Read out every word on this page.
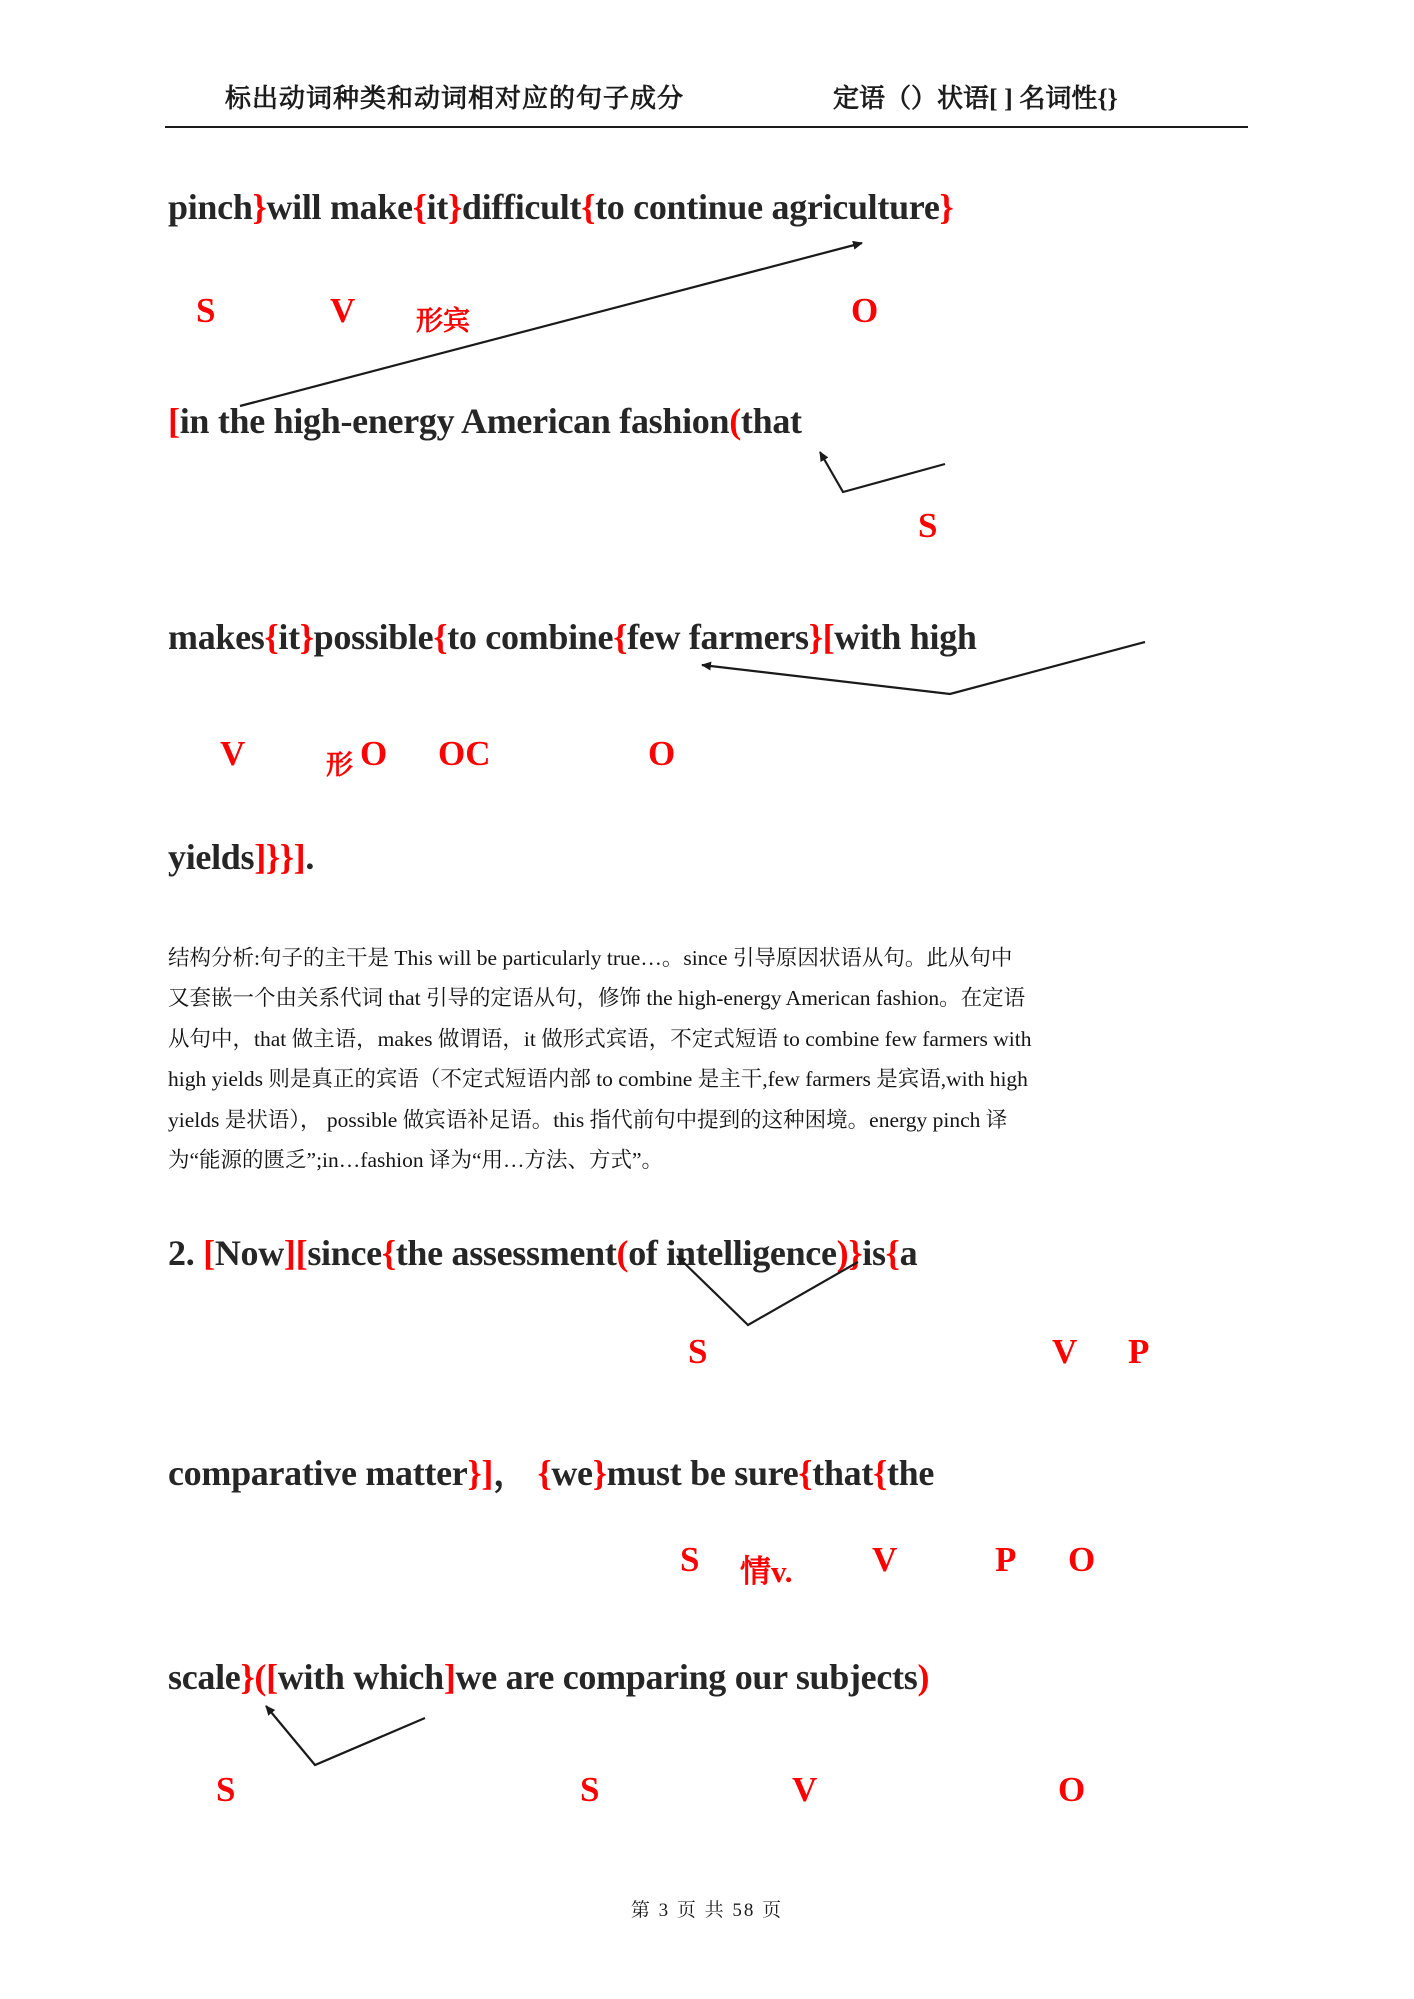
标出动词种类和动词相对应的句子成分	定语（）状语[ ] 名词性{}
pinch}will make{it}difficult{to continue agriculture}
S	V 形宾	O
[in the high-energy American fashion(that
S
makes{it}possible{to combine{few farmers}[with high
V	形 O OC	O
yields]}}].
结构分析:句子的主干是 This will be particularly true…。since 引导原因状语从句。此从句中
又套嵌一个由关系代词 that 引导的定语从句，修饰 the high-energy American fashion。在定语
从句中，that 做主语，makes 做谓语，it 做形式宾语，不定式短语 to combine few farmers with
high yields 则是真正的宾语（不定式短语内部 to combine 是主干,few farmers 是宾语,with high
yields 是状语）， possible 做宾语补足语。this 指代前句中提到的这种困境。energy pinch 译
为“能源的匮乏”;in…fashion 译为“用…方法、方式”。
2. [Now][since{the assessment(of intelligence)}is{a
S	V P
comparative matter}]， {we}must be sure{that{the
S 情v. V	P O
scale}([with which]we are comparing our subjects)
S	S	V	O
第 3 页 共 58 页
